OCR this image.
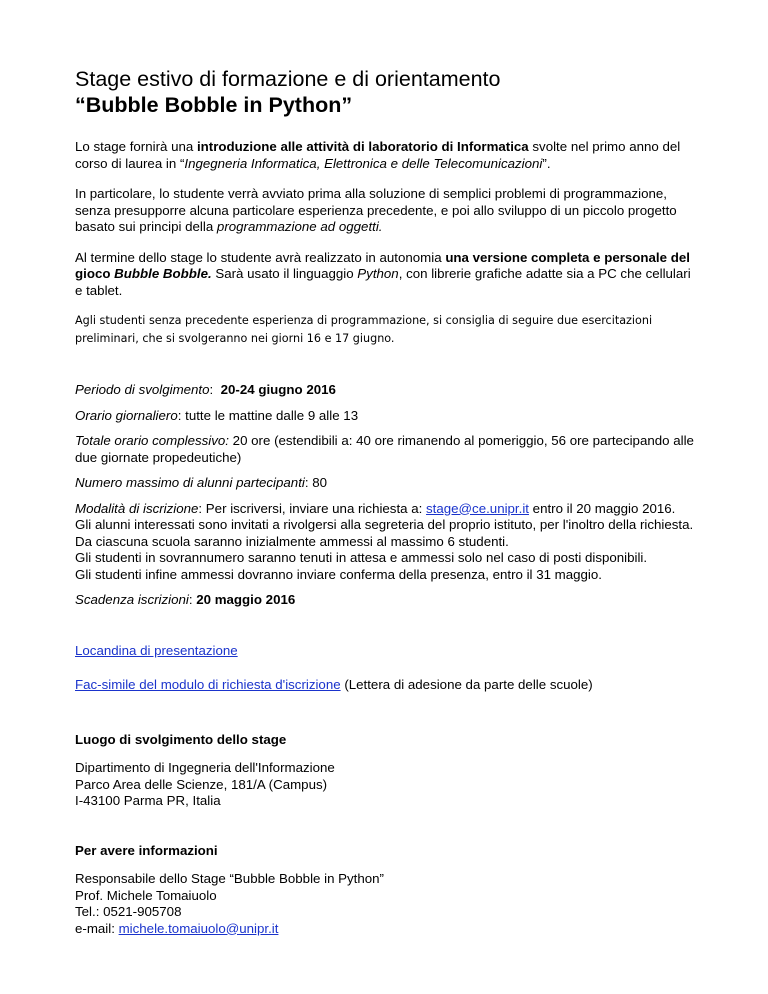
Stage estivo di formazione e di orientamento
“Bubble Bobble in Python”

Lo stage fornirà una introduzione alle attività di laboratorio di Informatica svolte nel primo anno del corso di laurea in “Ingegneria Informatica, Elettronica e delle Telecomunicazioni”.

In particolare, lo studente verrà avviato prima alla soluzione di semplici problemi di programmazione, senza presupporre alcuna particolare esperienza precedente, e poi allo sviluppo di un piccolo progetto basato sui principi della programmazione ad oggetti.

Al termine dello stage lo studente avrà realizzato in autonomia una versione completa e personale del gioco Bubble Bobble. Sarà usato il linguaggio Python, con librerie grafiche adatte sia a PC che cellulari e tablet.

Agli studenti senza precedente esperienza di programmazione, si consiglia di seguire due esercitazioni preliminari, che si svolgeranno nei giorni 16 e 17 giugno.

Periodo di svolgimento:  20-24 giugno 2016

Orario giornaliero: tutte le mattine dalle 9 alle 13

Totale orario complessivo: 20 ore (estendibili a: 40 ore rimanendo al pomeriggio, 56 ore partecipando alle due giornate propedeutiche)

Numero massimo di alunni partecipanti: 80

Modalità di iscrizione: Per iscriversi, inviare una richiesta a: stage@ce.unipr.it entro il 20 maggio 2016. Gli alunni interessati sono invitati a rivolgersi alla segreteria del proprio istituto, per l'inoltro della richiesta.
Da ciascuna scuola saranno inizialmente ammessi al massimo 6 studenti.
Gli studenti in sovrannumero saranno tenuti in attesa e ammessi solo nel caso di posti disponibili.
Gli studenti infine ammessi dovranno inviare conferma della presenza, entro il 31 maggio.

Scadenza iscrizioni: 20 maggio 2016

Locandina di presentazione

Fac-simile del modulo di richiesta d'iscrizione (Lettera di adesione da parte delle scuole)

Luogo di svolgimento dello stage

Dipartimento di Ingegneria dell'Informazione
Parco Area delle Scienze, 181/A (Campus)
I-43100 Parma PR, Italia

Per avere informazioni

Responsabile dello Stage “Bubble Bobble in Python”
Prof. Michele Tomaiuolo
Tel.: 0521-905708
e-mail: michele.tomaiuolo@unipr.it
